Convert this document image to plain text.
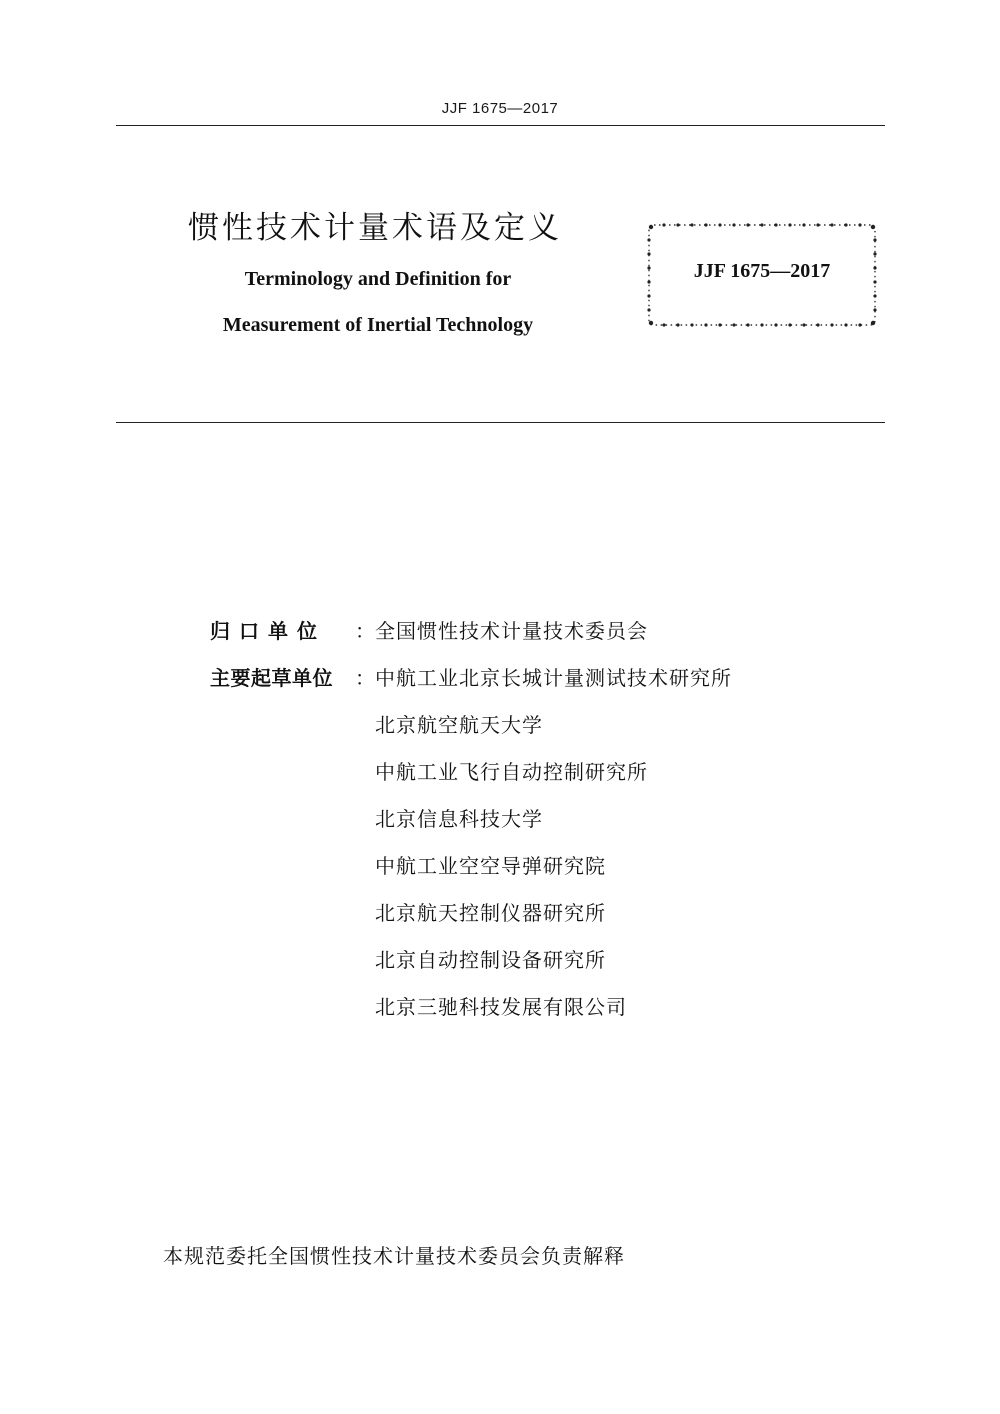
JJF 1675—2017
惯性技术计量术语及定义
Terminology and Definition for
Measurement of Inertial Technology
JJF 1675—2017
归口单位 ： 全国惯性技术计量技术委员会
主要起草单位 ： 中航工业北京长城计量测试技术研究所
北京航空航天大学
中航工业飞行自动控制研究所
北京信息科技大学
中航工业空空导弹研究院
北京航天控制仪器研究所
北京自动控制设备研究所
北京三驰科技发展有限公司
本规范委托全国惯性技术计量技术委员会负责解释
